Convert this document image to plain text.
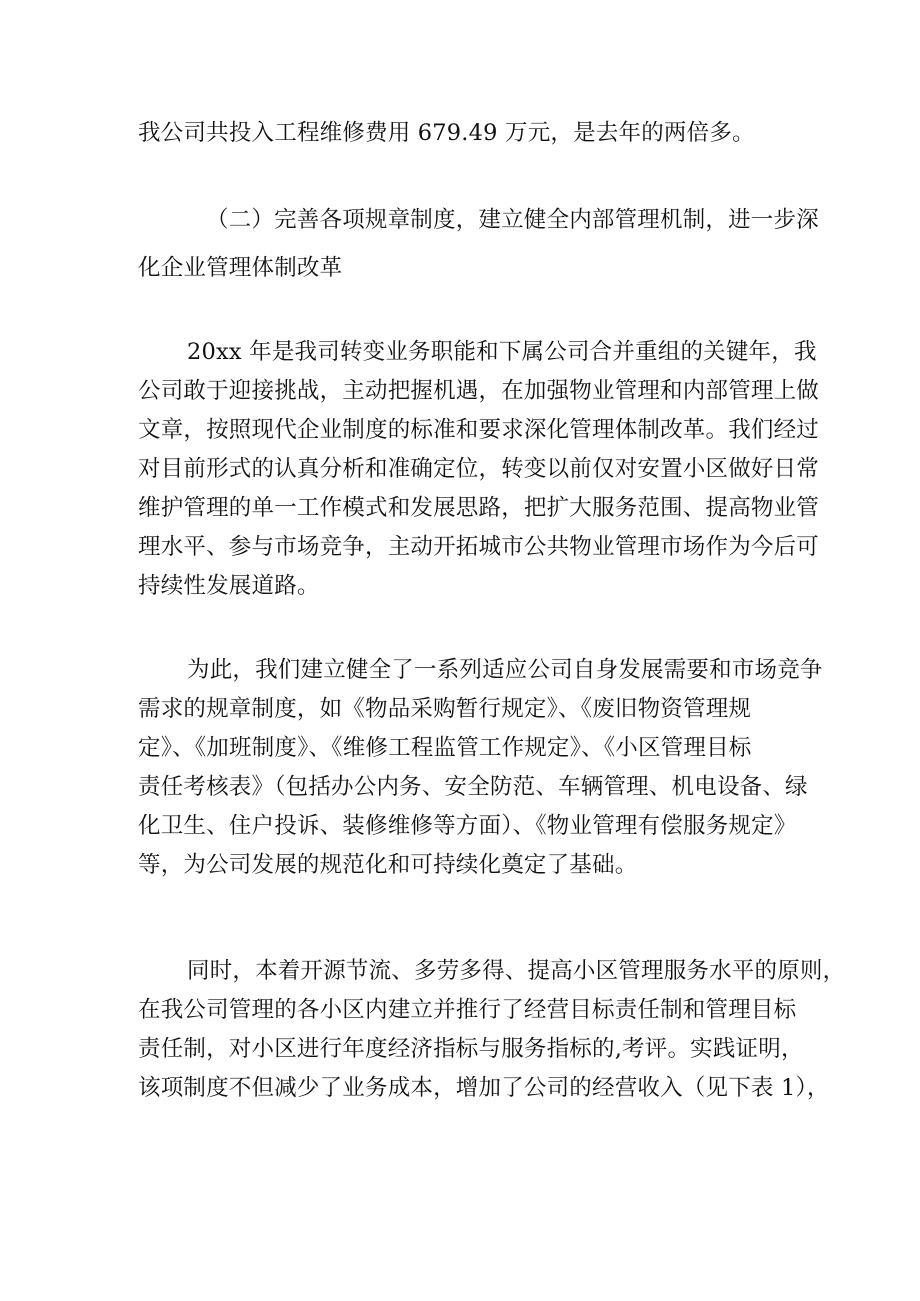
我公司共投入工程维修费用 679.49 万元，是去年的两倍多。
（二）完善各项规章制度，建立健全内部管理机制，进一步深
化企业管理体制改革
20xx 年是我司转变业务职能和下属公司合并重组的关键年，我
公司敢于迎接挑战，主动把握机遇，在加强物业管理和内部管理上做
文章，按照现代企业制度的标准和要求深化管理体制改革。我们经过
对目前形式的认真分析和准确定位，转变以前仅对安置小区做好日常
维护管理的单一工作模式和发展思路，把扩大服务范围、提高物业管
理水平、参与市场竞争，主动开拓城市公共物业管理市场作为今后可
持续性发展道路。
为此，我们建立健全了一系列适应公司自身发展需要和市场竞争
需求的规章制度，如《物品采购暂行规定》、《废旧物资管理规
定》、《加班制度》、《维修工程监管工作规定》、《小区管理目标
责任考核表》（包括办公内务、安全防范、车辆管理、机电设备、绿
化卫生、住户投诉、装修维修等方面）、《物业管理有偿服务规定》
等，为公司发展的规范化和可持续化奠定了基础。
同时，本着开源节流、多劳多得、提高小区管理服务水平的原则，
在我公司管理的各小区内建立并推行了经营目标责任制和管理目标
责任制，对小区进行年度经济指标与服务指标的,考评。实践证明，
该项制度不但减少了业务成本，增加了公司的经营收入（见下表 1），
